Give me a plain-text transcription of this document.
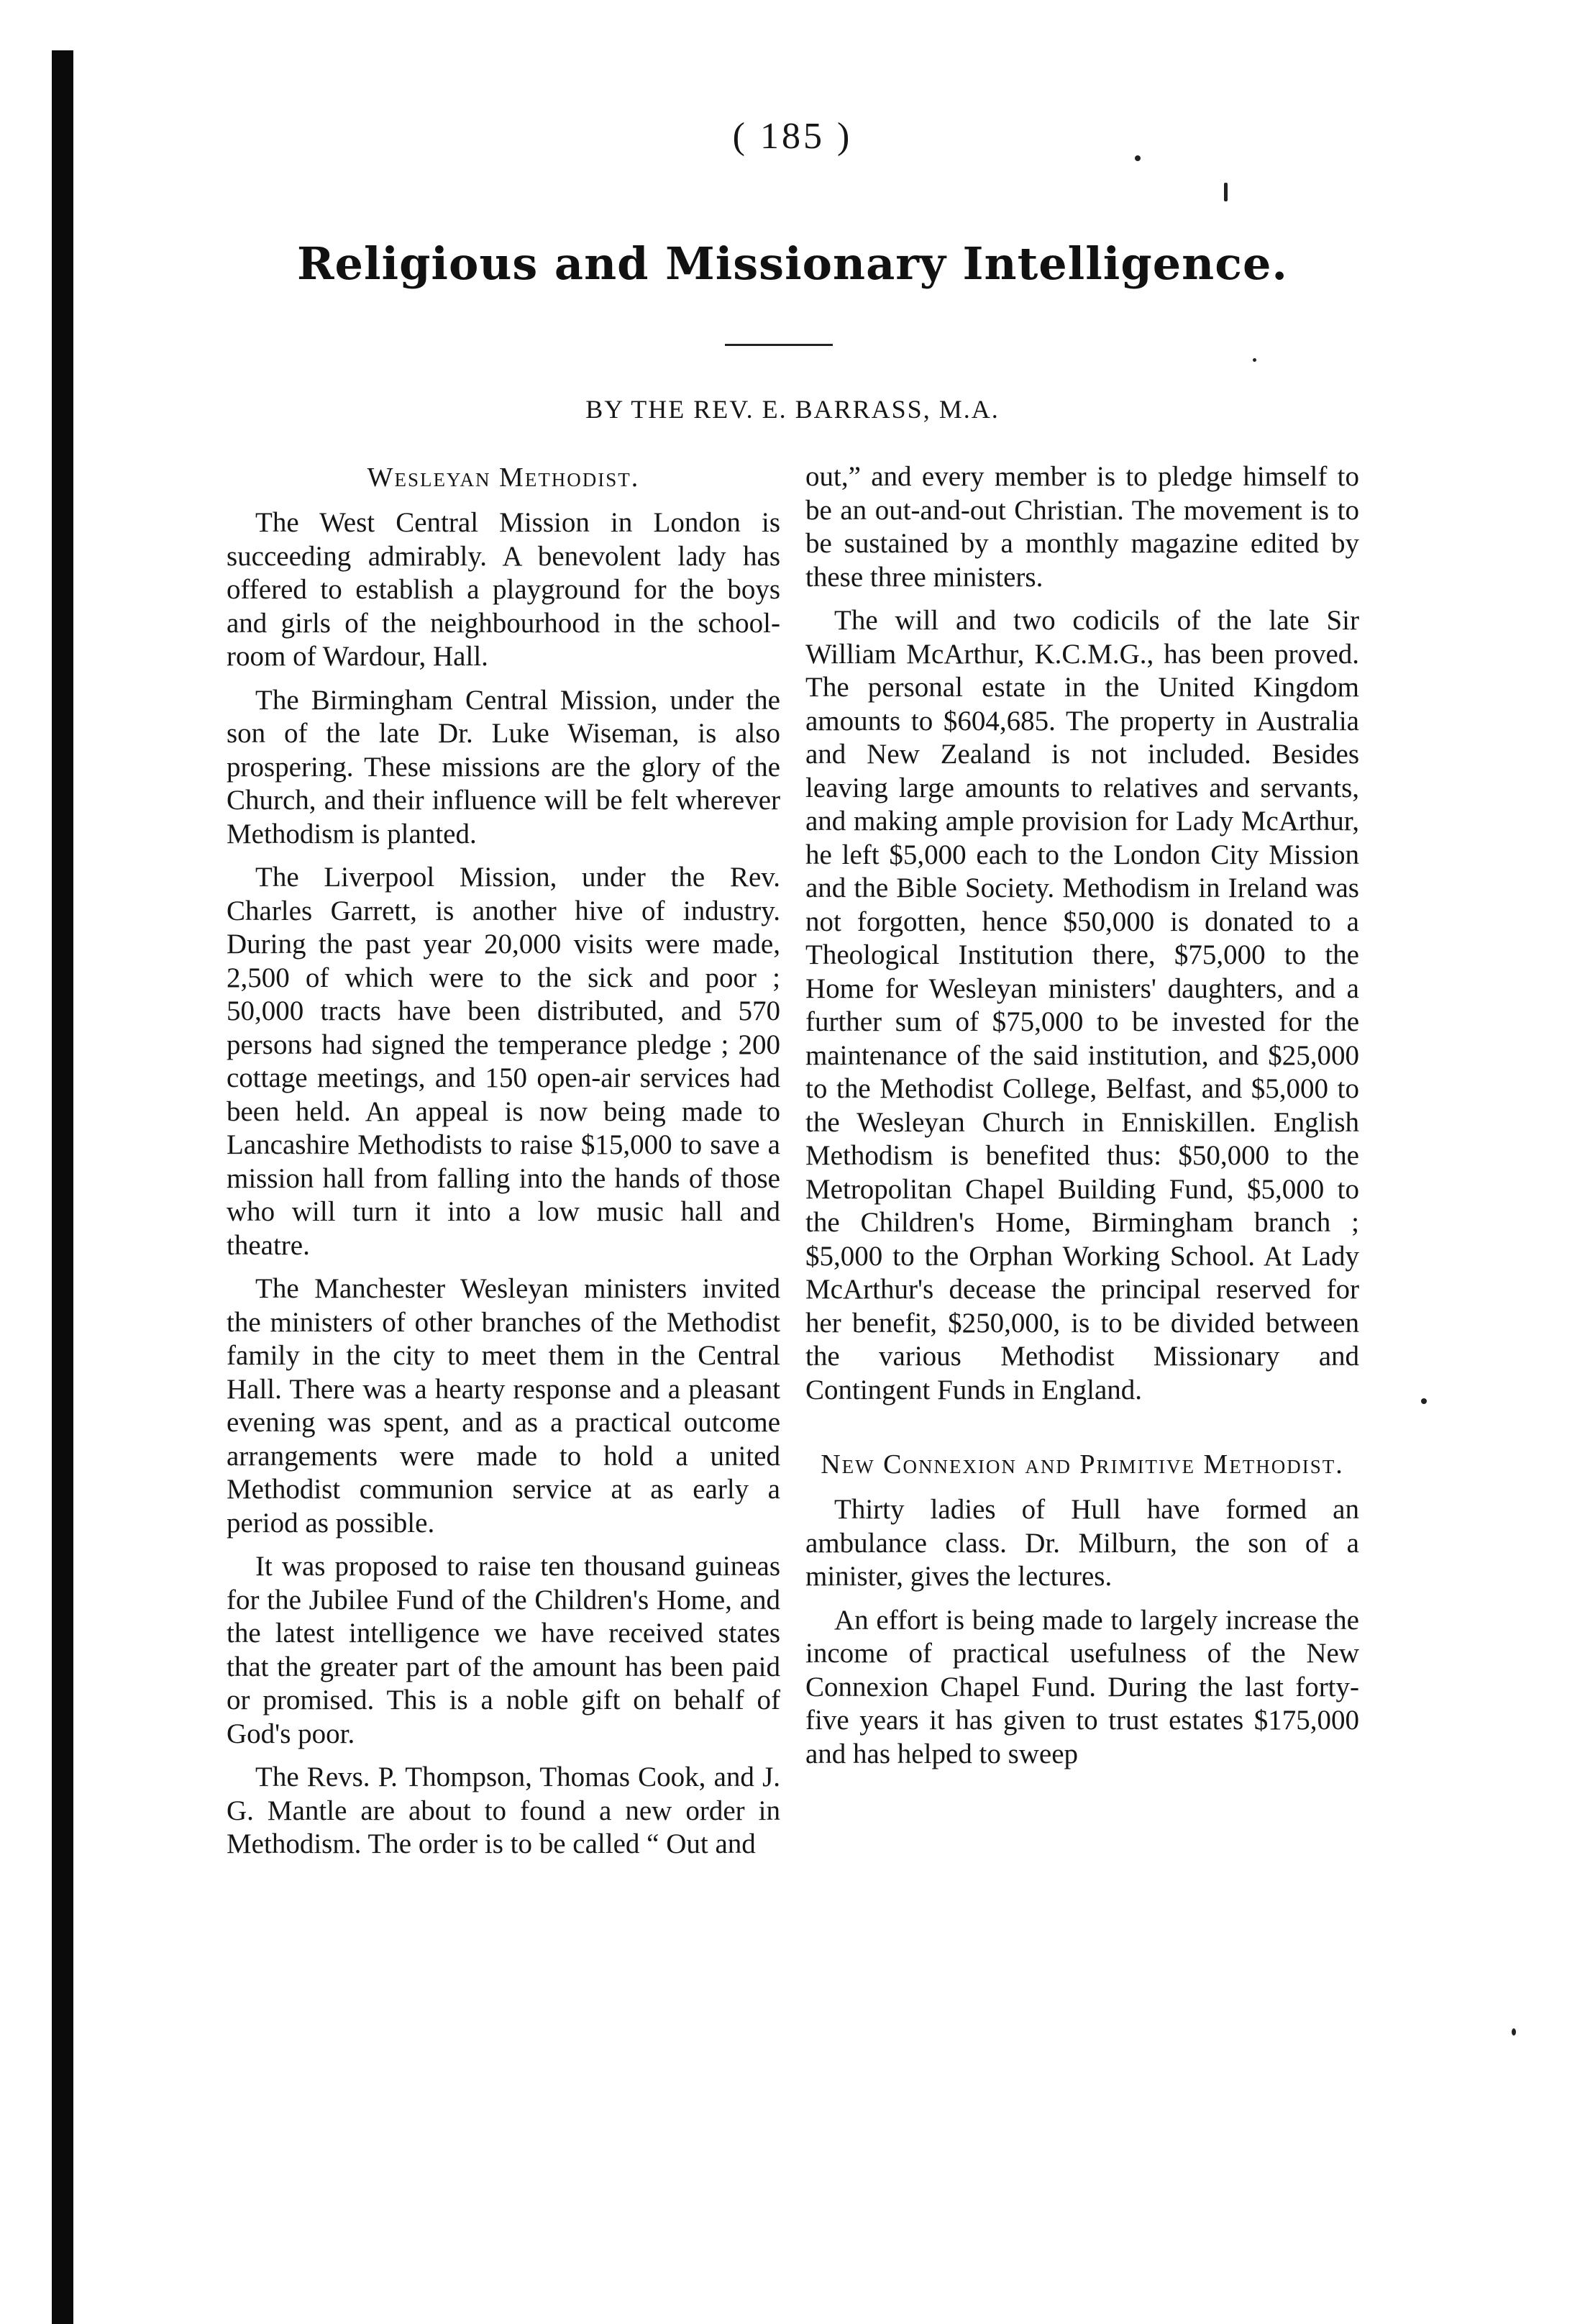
( 185 )
Religious and Missionary Intelligence.
BY THE REV. E. BARRASS, M.A.
Wesleyan Methodist.

The West Central Mission in London is succeeding admirably. A benevolent lady has offered to establish a playground for the boys and girls of the neighbourhood in the school-room of Wardour, Hall.

The Birmingham Central Mission, under the son of the late Dr. Luke Wiseman, is also prospering. These missions are the glory of the Church, and their influence will be felt wherever Methodism is planted.

The Liverpool Mission, under the Rev. Charles Garrett, is another hive of industry. During the past year 20,000 visits were made, 2,500 of which were to the sick and poor ; 50,000 tracts have been distributed, and 570 persons had signed the temperance pledge ; 200 cottage meetings, and 150 open-air services had been held. An appeal is now being made to Lancashire Methodists to raise $15,000 to save a mission hall from falling into the hands of those who will turn it into a low music hall and theatre.

The Manchester Wesleyan ministers invited the ministers of other branches of the Methodist family in the city to meet them in the Central Hall. There was a hearty response and a pleasant evening was spent, and as a practical outcome arrangements were made to hold a united Methodist communion service at as early a period as possible.

It was proposed to raise ten thousand guineas for the Jubilee Fund of the Children's Home, and the latest intelligence we have received states that the greater part of the amount has been paid or promised. This is a noble gift on behalf of God's poor.

The Revs. P. Thompson, Thomas Cook, and J. G. Mantle are about to found a new order in Methodism. The order is to be called “ Out and

out,” and every member is to pledge himself to be an out-and-out Christian. The movement is to be sustained by a monthly magazine edited by these three ministers.

The will and two codicils of the late Sir William McArthur, K.C.M.G., has been proved. The personal estate in the United Kingdom amounts to $604,685. The property in Australia and New Zealand is not included. Besides leaving large amounts to relatives and servants, and making ample provision for Lady McArthur, he left $5,000 each to the London City Mission and the Bible Society. Methodism in Ireland was not forgotten, hence $50,000 is donated to a Theological Institution there, $75,000 to the Home for Wesleyan ministers' daughters, and a further sum of $75,000 to be invested for the maintenance of the said institution, and $25,000 to the Methodist College, Belfast, and $5,000 to the Wesleyan Church in Enniskillen. English Methodism is benefited thus: $50,000 to the Metropolitan Chapel Building Fund, $5,000 to the Children's Home, Birmingham branch ; $5,000 to the Orphan Working School. At Lady McArthur's decease the principal reserved for her benefit, $250,000, is to be divided between the various Methodist Missionary and Contingent Funds in England.

New Connexion and Primitive Methodist.

Thirty ladies of Hull have formed an ambulance class. Dr. Milburn, the son of a minister, gives the lectures.

An effort is being made to largely increase the income of practical usefulness of the New Connexion Chapel Fund. During the last forty-five years it has given to trust estates $175,000 and has helped to sweep
